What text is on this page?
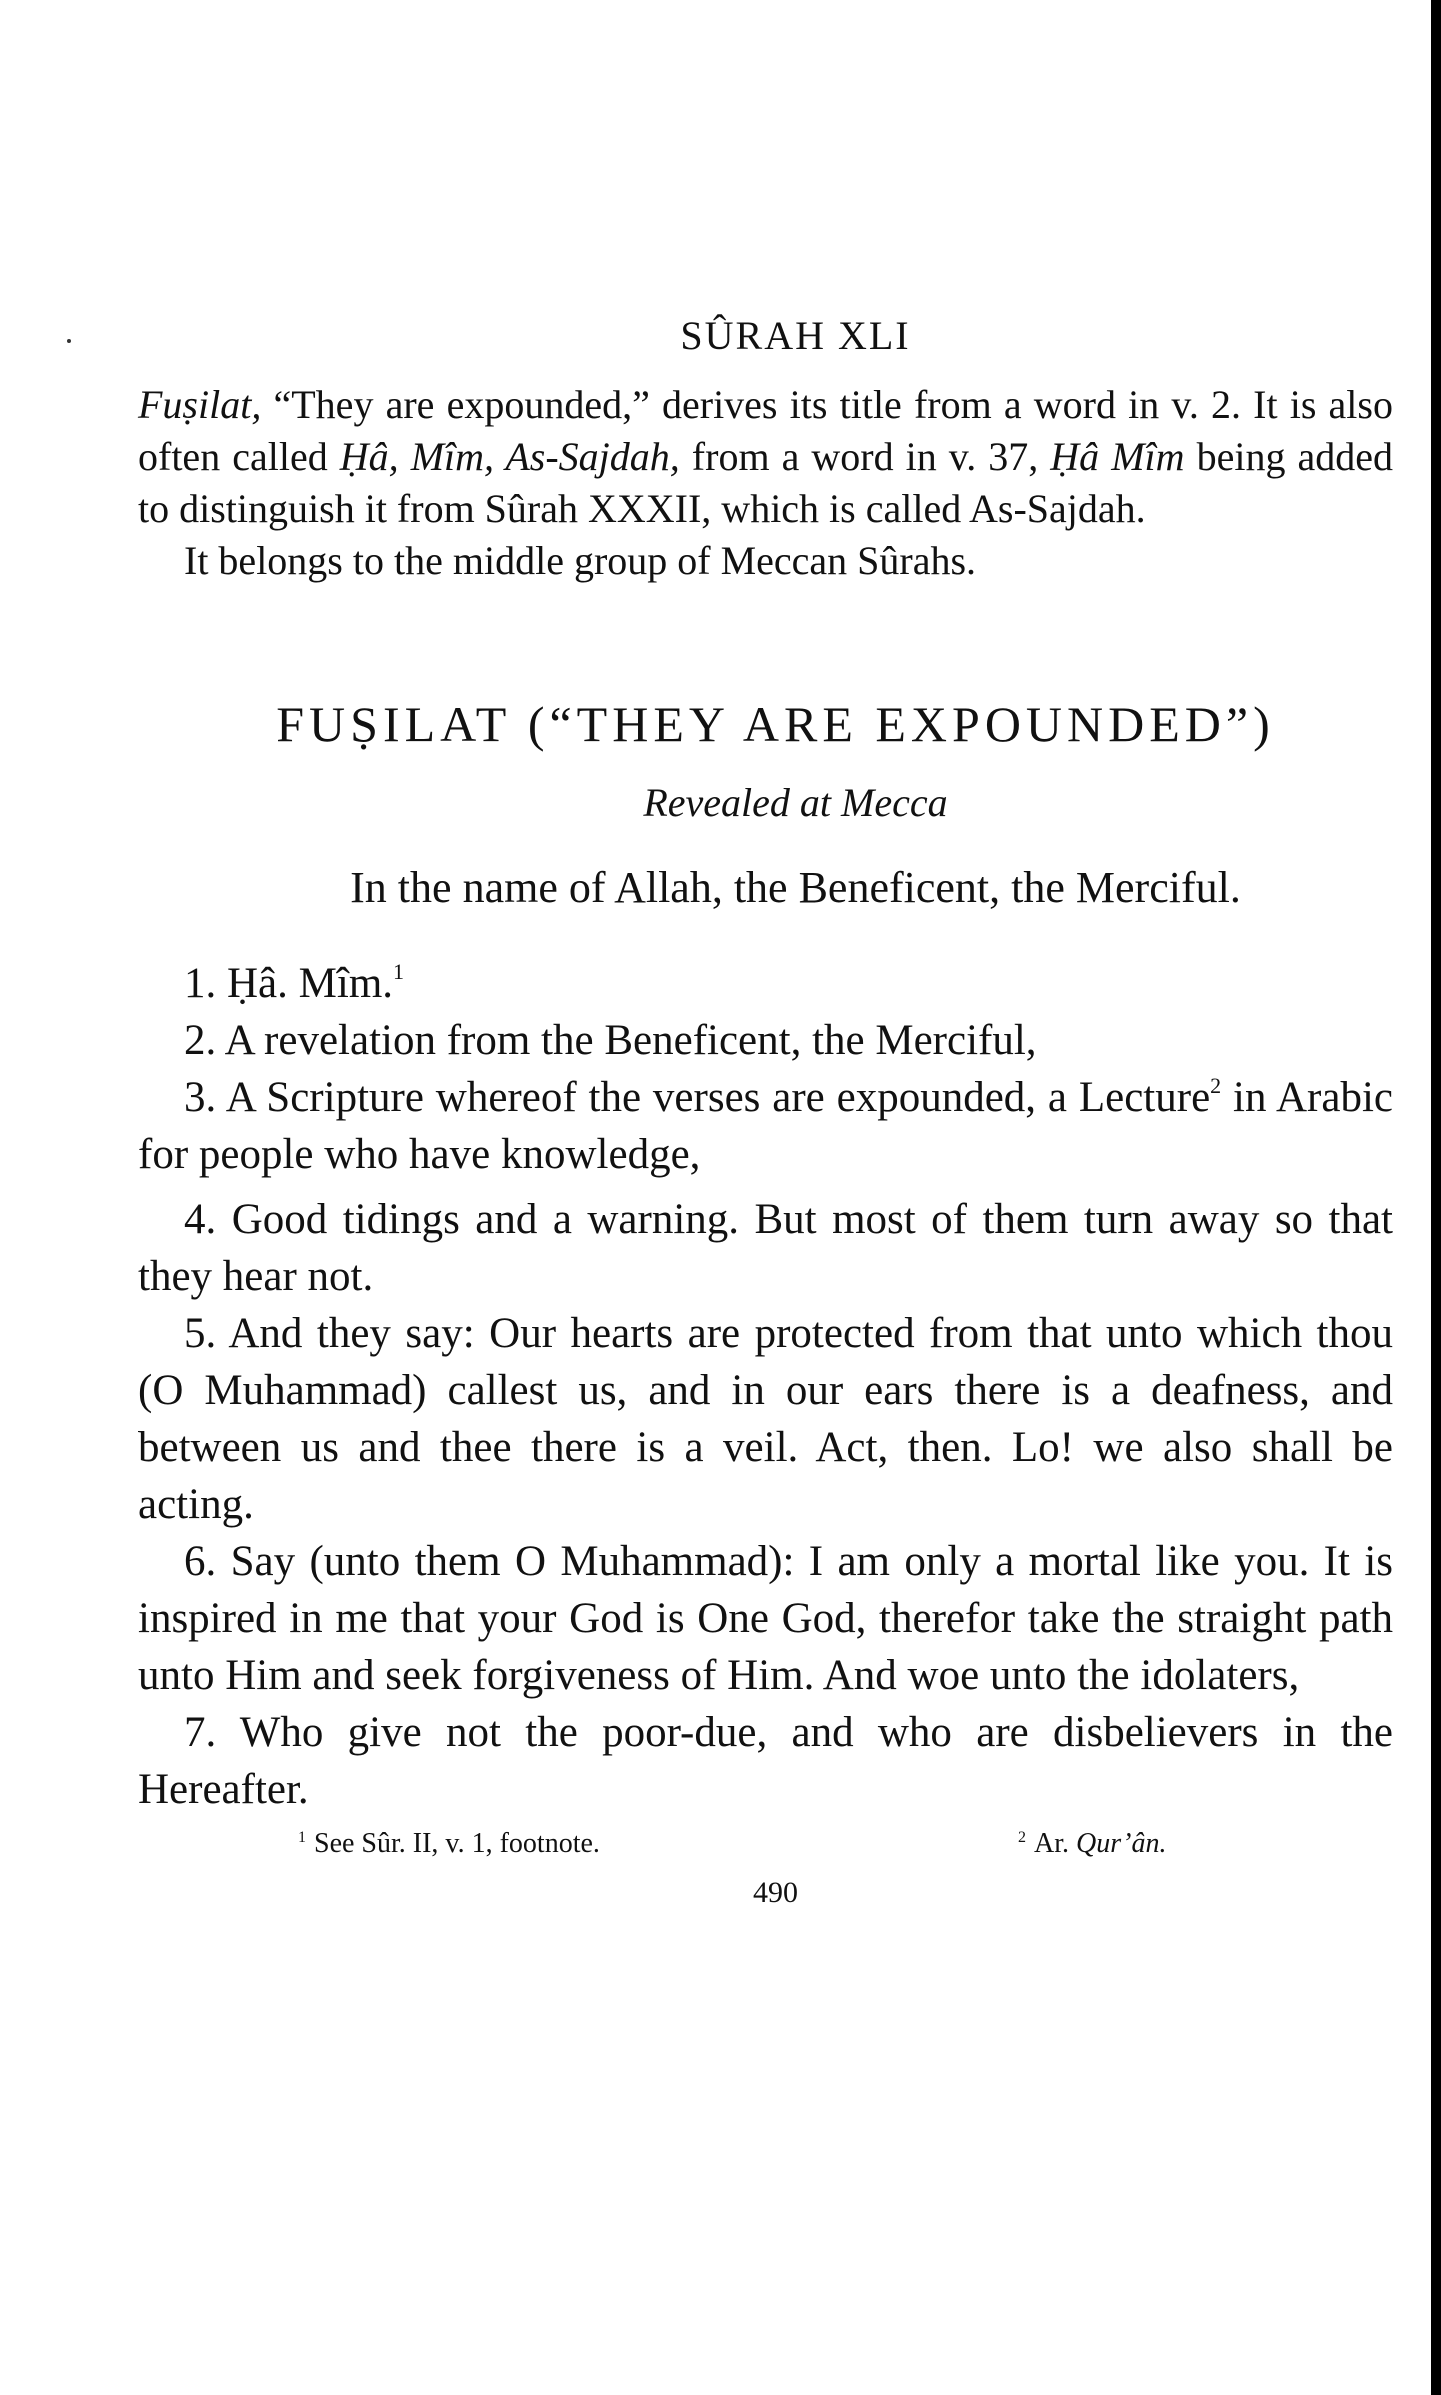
SÛRAH XLI

Fuṣilat, “They are expounded,” derives its title from a word in v. 2. It is also often called Ḥâ, Mîm, As-Sajdah, from a word in v. 37, Ḥâ Mîm being added to distinguish it from Sûrah XXXII, which is called As-Sajdah.

It belongs to the middle group of Meccan Sûrahs.

FUṢILAT (“THEY ARE EXPOUNDED”)
Revealed at Mecca
In the name of Allah, the Beneficent, the Merciful.

1. Ḥâ. Mîm.$^1$

2. A revelation from the Beneficent, the Merciful,

3. A Scripture whereof the verses are expounded, a Lecture$^2$ in Arabic for people who have knowledge,

4. Good tidings and a warning. But most of them turn away so that they hear not.

5. And they say: Our hearts are protected from that unto which thou (O Muhammad) callest us, and in our ears there is a deafness, and between us and thee there is a veil. Act, then. Lo! we also shall be acting.

6. Say (unto them O Muhammad): I am only a mortal like you. It is inspired in me that your God is One God, therefor take the straight path unto Him and seek forgiveness of Him. And woe unto the idolaters,

7. Who give not the poor-due, and who are disbelievers in the Hereafter.

$^1$ See Sûr. II, v. 1, footnote.	$^2$ Ar. Qur’ân.
490
